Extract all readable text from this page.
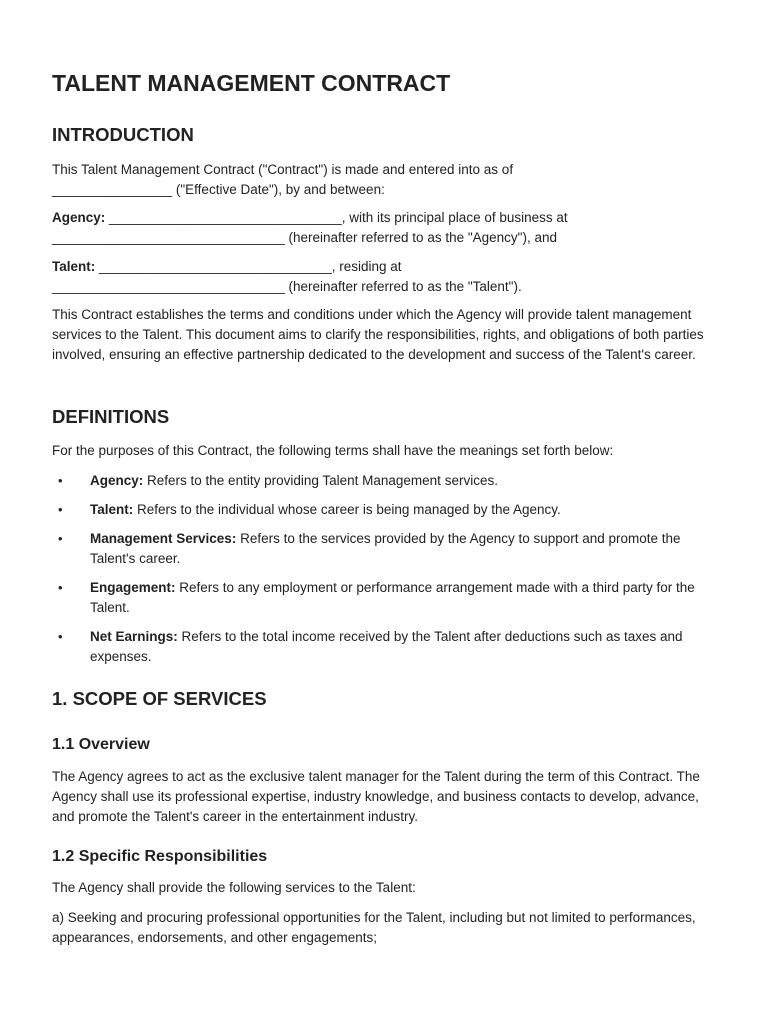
TALENT MANAGEMENT CONTRACT
INTRODUCTION

This Talent Management Contract ("Contract") is made and entered into as of

________________ ("Effective Date"), by and between:

Agency: _______________________________, with its principal place of business at

_______________________________ (hereinafter referred to as the "Agency"), and

Talent: _______________________________, residing at

_______________________________ (hereinafter referred to as the "Talent").

This Contract establishes the terms and conditions under which the Agency will provide talent management services to the Talent. This document aims to clarify the responsibilities, rights, and obligations of both parties involved, ensuring an effective partnership dedicated to the development and success of the Talent's career.

DEFINITIONS

For the purposes of this Contract, the following terms shall have the meanings set forth below:

• Agency: Refers to the entity providing Talent Management services.
• Talent: Refers to the individual whose career is being managed by the Agency.
• Management Services: Refers to the services provided by the Agency to support and promote the Talent's career.
• Engagement: Refers to any employment or performance arrangement made with a third party for the Talent.
• Net Earnings: Refers to the total income received by the Talent after deductions such as taxes and expenses.
1. SCOPE OF SERVICES
1.1 Overview

The Agency agrees to act as the exclusive talent manager for the Talent during the term of this Contract. The Agency shall use its professional expertise, industry knowledge, and business contacts to develop, advance, and promote the Talent's career in the entertainment industry.

1.2 Specific Responsibilities

The Agency shall provide the following services to the Talent:

a) Seeking and procuring professional opportunities for the Talent, including but not limited to performances, appearances, endorsements, and other engagements;
